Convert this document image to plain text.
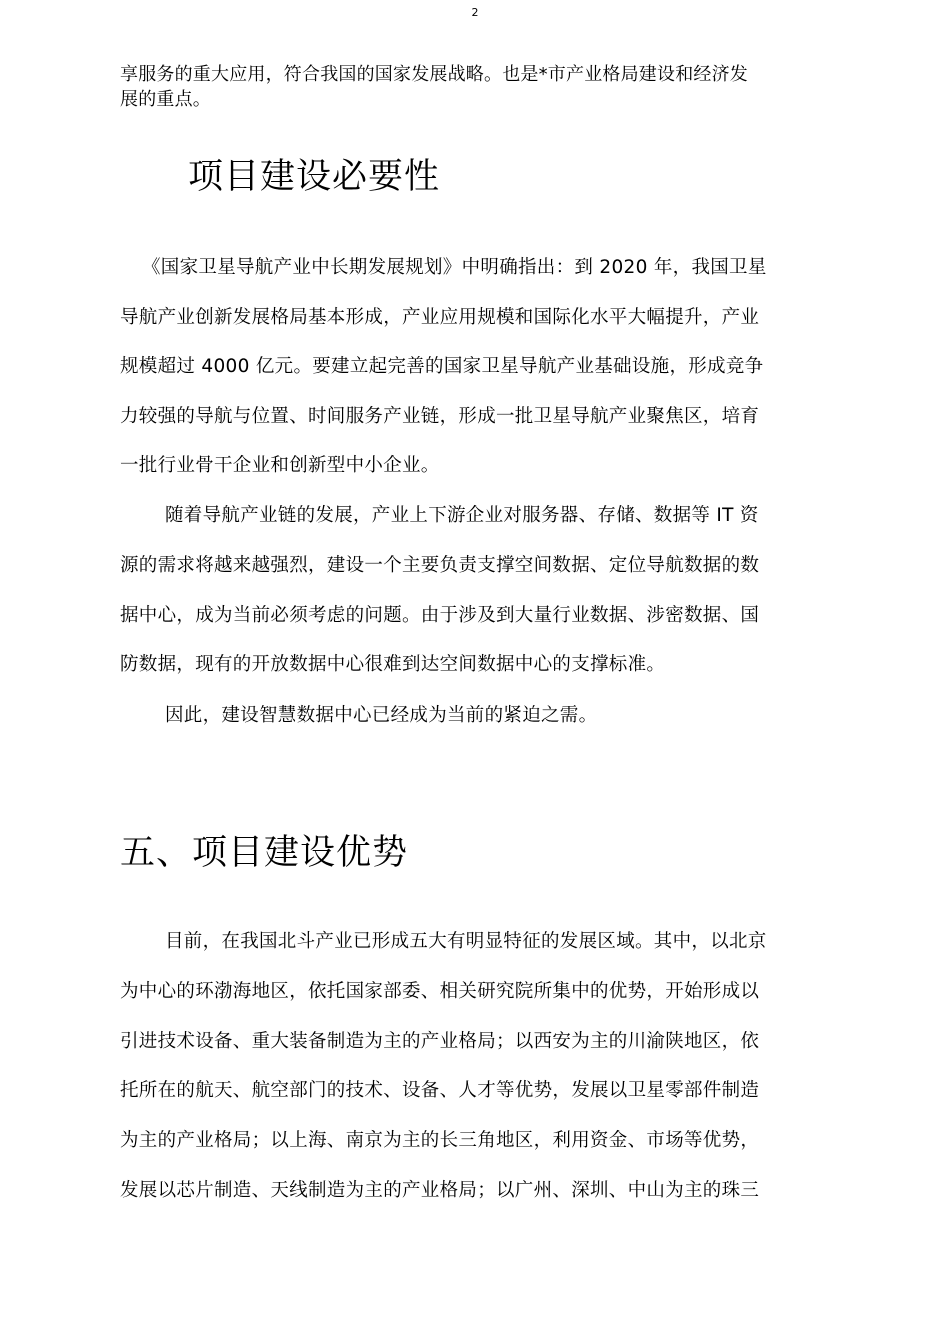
2

享服务的重大应用，符合我国的国家发展战略。也是*市产业格局建设和经济发

展的重点。

项目建设必要性
《国家卫星导航产业中长期发展规划》中明确指出：到 2020 年，我国卫星
导航产业创新发展格局基本形成，产业应用规模和国际化水平大幅提升，产业
规模超过 4000 亿元。要建立起完善的国家卫星导航产业基础设施，形成竞争
力较强的导航与位置、时间服务产业链，形成一批卫星导航产业聚焦区，培育
一批行业骨干企业和创新型中小企业。
随着导航产业链的发展，产业上下游企业对服务器、存储、数据等 IT 资
源的需求将越来越强烈，建设一个主要负责支撑空间数据、定位导航数据的数
据中心，成为当前必须考虑的问题。由于涉及到大量行业数据、涉密数据、国
防数据，现有的开放数据中心很难到达空间数据中心的支撑标准。
因此，建设智慧数据中心已经成为当前的紧迫之需。
五、项目建设优势
目前，在我国北斗产业已形成五大有明显特征的发展区域。其中，以北京
为中心的环渤海地区，依托国家部委、相关研究院所集中的优势，开始形成以
引进技术设备、重大装备制造为主的产业格局；以西安为主的川渝陕地区，依
托所在的航天、航空部门的技术、设备、人才等优势，发展以卫星零部件制造
为主的产业格局；以上海、南京为主的长三角地区，利用资金、市场等优势，
发展以芯片制造、天线制造为主的产业格局；以广州、深圳、中山为主的珠三
